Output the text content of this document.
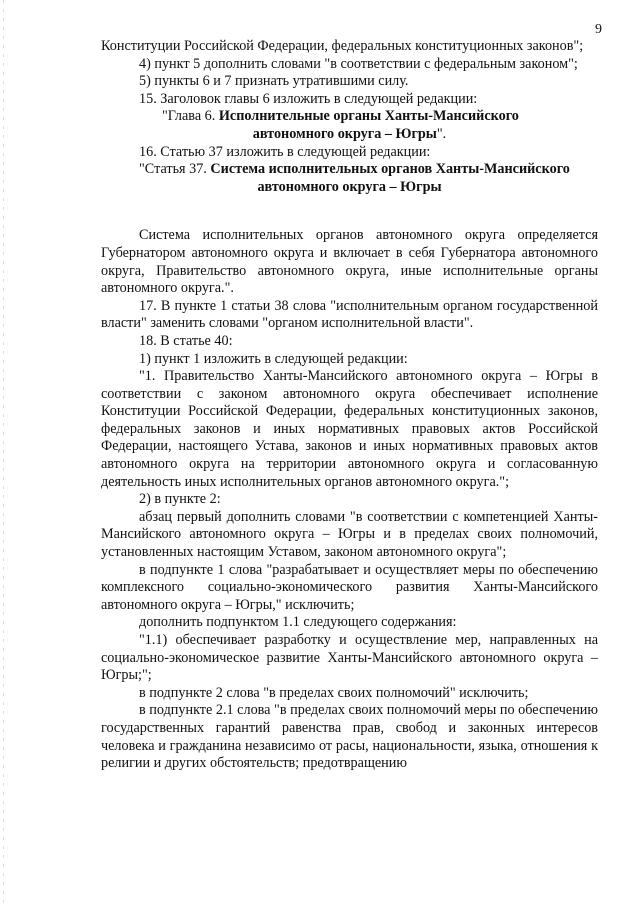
9

Конституции Российской Федерации, федеральных конституционных законов";

4) пункт 5 дополнить словами "в соответствии с федеральным законом";

5) пункты 6 и 7 признать утратившими силу.

15. Заголовок главы 6 изложить в следующей редакции:

"Глава 6. Исполнительные органы Ханты-Мансийского
автономного округа – Югры".

16. Статью 37 изложить в следующей редакции:

"Статья 37. Система исполнительных органов Ханты-Мансийского
автономного округа – Югры

Система исполнительных органов автономного округа определяется Губернатором автономного округа и включает в себя Губернатора автономного округа, Правительство автономного округа, иные исполнительные органы автономного округа.".

17. В пункте 1 статьи 38 слова "исполнительным органом государственной власти" заменить словами "органом исполнительной власти".

18. В статье 40:

1) пункт 1 изложить в следующей редакции:

"1. Правительство Ханты-Мансийского автономного округа – Югры в соответствии с законом автономного округа обеспечивает исполнение Конституции Российской Федерации, федеральных конституционных законов, федеральных законов и иных нормативных правовых актов Российской Федерации, настоящего Устава, законов и иных нормативных правовых актов автономного округа на территории автономного округа и согласованную деятельность иных исполнительных органов автономного округа.";

2) в пункте 2:

абзац первый дополнить словами "в соответствии с компетенцией Ханты-Мансийского автономного округа – Югры и в пределах своих полномочий, установленных настоящим Уставом, законом автономного округа";

в подпункте 1 слова "разрабатывает и осуществляет меры по обеспечению комплексного социально-экономического развития Ханты-Мансийского автономного округа – Югры," исключить;

дополнить подпунктом 1.1 следующего содержания:

"1.1) обеспечивает разработку и осуществление мер, направленных на социально-экономическое развитие Ханты-Мансийского автономного округа – Югры;";

в подпункте 2 слова "в пределах своих полномочий" исключить;

в подпункте 2.1 слова "в пределах своих полномочий меры по обеспечению государственных гарантий равенства прав, свобод и законных интересов человека и гражданина независимо от расы, национальности, языка, отношения к религии и других обстоятельств; предотвращению
